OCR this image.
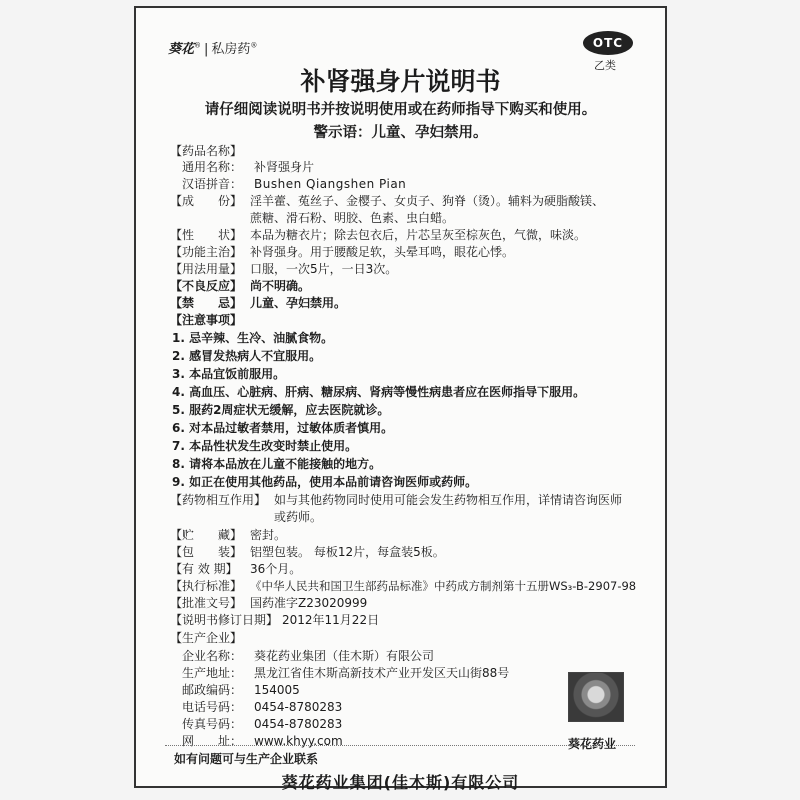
葵花® | 私房药®	OTC
乙类
补肾强身片说明书
请仔细阅读说明书并按说明使用或在药师指导下购买和使用。
警示语：儿童、孕妇禁用。
【药品名称】
通用名称： 补肾强身片
汉语拼音： Bushen Qiangshen Pian
【成　　份】 淫羊藿、菟丝子、金樱子、女贞子、狗脊（烫）。辅料为硬脂酸镁、
蔗糖、滑石粉、明胶、色素、虫白蜡。
【性　　状】 本品为糖衣片；除去包衣后，片芯呈灰至棕灰色，气微，味淡。
【功能主治】 补肾强身。用于腰酸足软，头晕耳鸣，眼花心悸。
【用法用量】 口服，一次5片，一日3次。
【不良反应】 尚不明确。
【禁　　忌】 儿童、孕妇禁用。
【注意事项】
1. 忌辛辣、生冷、油腻食物。
2. 感冒发热病人不宜服用。
3. 本品宜饭前服用。
4. 高血压、心脏病、肝病、糖尿病、肾病等慢性病患者应在医师指导下服用。
5. 服药2周症状无缓解，应去医院就诊。
6. 对本品过敏者禁用，过敏体质者慎用。
7. 本品性状发生改变时禁止使用。
8. 请将本品放在儿童不能接触的地方。
9. 如正在使用其他药品，使用本品前请咨询医师或药师。
【药物相互作用】 如与其他药物同时使用可能会发生药物相互作用，详情请咨询医师
或药师。
【贮　　藏】 密封。
【包　　装】 铝塑包装。 每板12片，每盒装5板。
【有 效 期】 36个月。
【执行标准】 《中华人民共和国卫生部药品标准》中药成方制剂第十五册WS₃-B-2907-98
【批准文号】 国药准字Z23020999
【说明书修订日期】 2012年11月22日
【生产企业】
企业名称： 葵花药业集团（佳木斯）有限公司
生产地址： 黑龙江省佳木斯高新技术产业开发区天山街88号
邮政编码： 154005
电话号码： 0454-8780283
传真号码： 0454-8780283
网　　址： www.khyy.com
如有问题可与生产企业联系
葵花药业
葵花药业集团(佳木斯)有限公司
